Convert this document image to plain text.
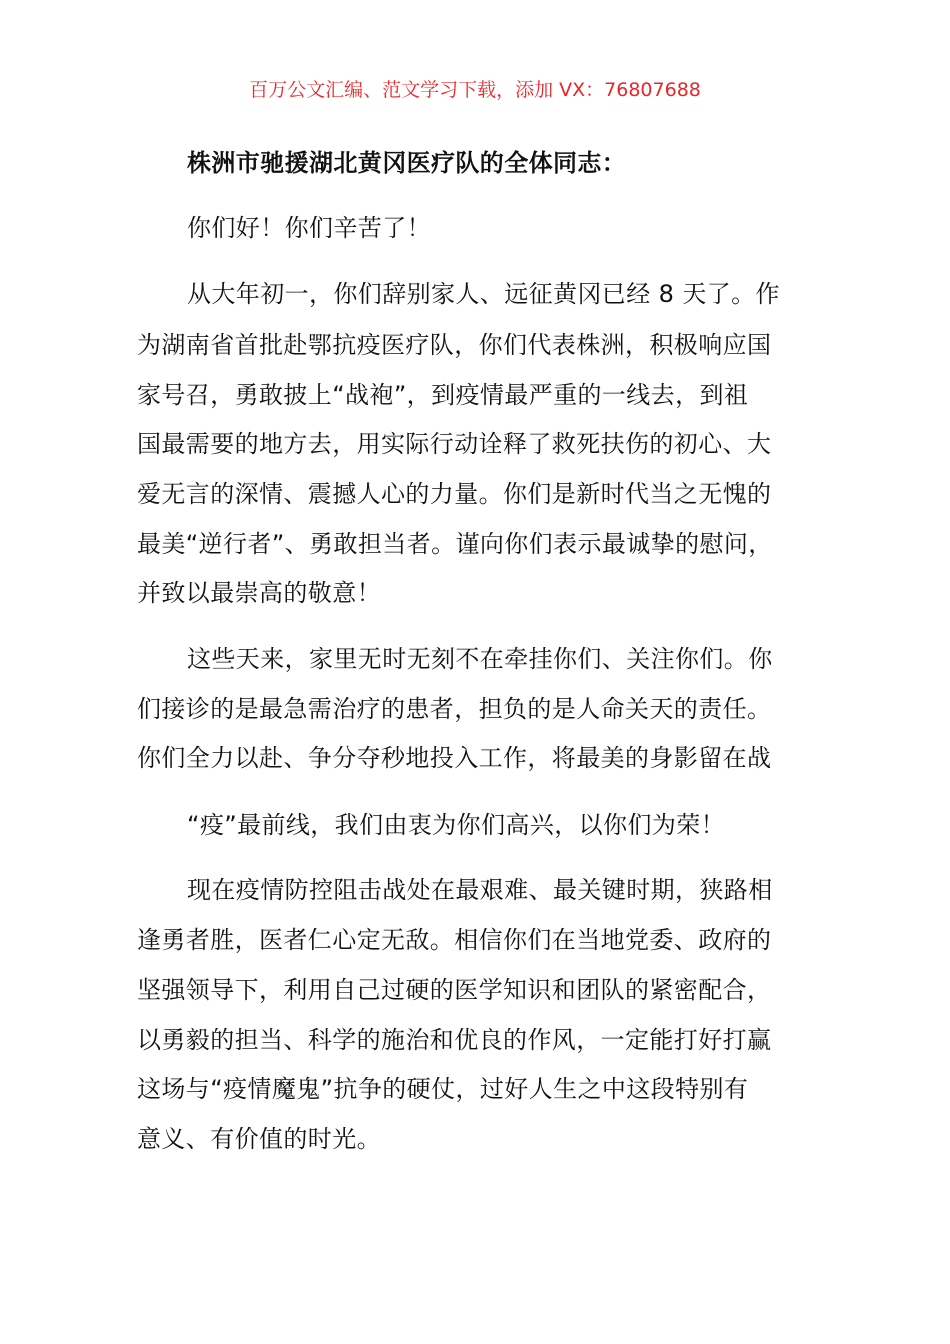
百万公文汇编、范文学习下载，添加 VX：76807688
株洲市驰援湖北黄冈医疗队的全体同志：
你们好！你们辛苦了！
从大年初一，你们辞别家人、远征黄冈已经 8 天了。作
为湖南省首批赴鄂抗疫医疗队，你们代表株洲，积极响应国
家号召，勇敢披上“战袍”，到疫情最严重的一线去，到祖
国最需要的地方去，用实际行动诠释了救死扶伤的初心、大
爱无言的深情、震撼人心的力量。你们是新时代当之无愧的
最美“逆行者”、勇敢担当者。谨向你们表示最诚挚的慰问，
并致以最崇高的敬意！
这些天来，家里无时无刻不在牵挂你们、关注你们。你
们接诊的是最急需治疗的患者，担负的是人命关天的责任。
你们全力以赴、争分夺秒地投入工作，将最美的身影留在战
“疫”最前线，我们由衷为你们高兴，以你们为荣！
现在疫情防控阻击战处在最艰难、最关键时期，狭路相
逢勇者胜，医者仁心定无敌。相信你们在当地党委、政府的
坚强领导下，利用自己过硬的医学知识和团队的紧密配合，
以勇毅的担当、科学的施治和优良的作风，一定能打好打赢
这场与“疫情魔鬼”抗争的硬仗，过好人生之中这段特别有
意义、有价值的时光。
